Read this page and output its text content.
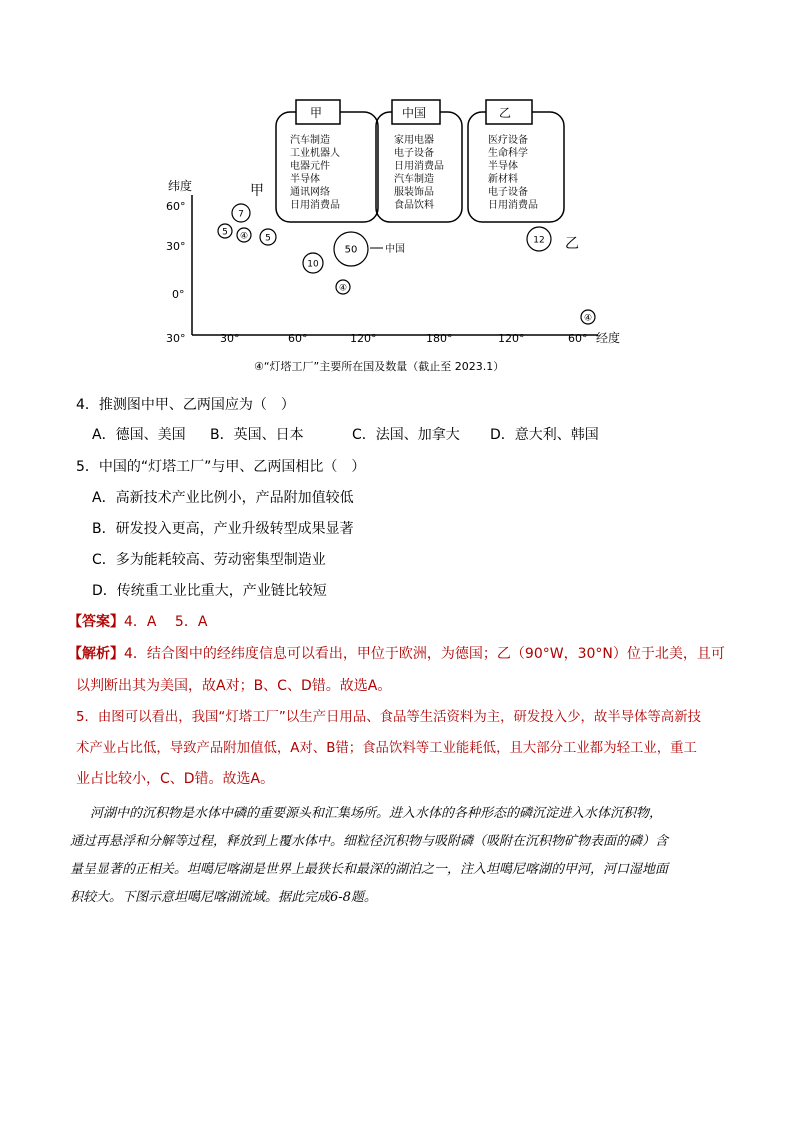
纬度
60°
30°
0°
30°	30°	60°	120°	180°	120°	60° 经度
甲
汽车制造
工业机器人
电器元件
半导体
通讯网络
日用消费品
中国
家用电器
电子设备
日用消费品
汽车制造
服装饰品
食品饮料
乙
医疗设备
生命科学
半导体
新材料
电子设备
日用消费品
甲
乙
中国
7
5 ④ 5
10
50
④
12
④
④“灯塔工厂”主要所在国及数量（截止至 2023.1）
4．推测图中甲、乙两国应为（　）
A．德国、美国 B．英国、日本	C．法国、加拿大 D．意大利、韩国
5．中国的“灯塔工厂”与甲、乙两国相比（　）
A．高新技术产业比例小，产品附加值较低
B．研发投入更高，产业升级转型成果显著
C．多为能耗较高、劳动密集型制造业
D．传统重工业比重大，产业链比较短
【答案】4．A　 5．A
【解析】4．结合图中的经纬度信息可以看出，甲位于欧洲，为德国；乙（90°W，30°N）位于北美，且可
以判断出其为美国，故A对；B、C、D错。故选A。
5．由图可以看出，我国“灯塔工厂”以生产日用品、食品等生活资料为主，研发投入少，故半导体等高新技
术产业占比低，导致产品附加值低，A对、B错；食品饮料等工业能耗低，且大部分工业都为轻工业，重工
业占比较小，C、D错。故选A。
河湖中的沉积物是水体中磷的重要源头和汇集场所。进入水体的各种形态的磷沉淀进入水体沉积物，
通过再悬浮和分解等过程，释放到上覆水体中。细粒径沉积物与吸附磷（吸附在沉积物矿物表面的磷）含
量呈显著的正相关。坦噶尼喀湖是世界上最狭长和最深的湖泊之一，注入坦噶尼喀湖的甲河，河口湿地面
积较大。下图示意坦噶尼喀湖流域。据此完成6-8题。
